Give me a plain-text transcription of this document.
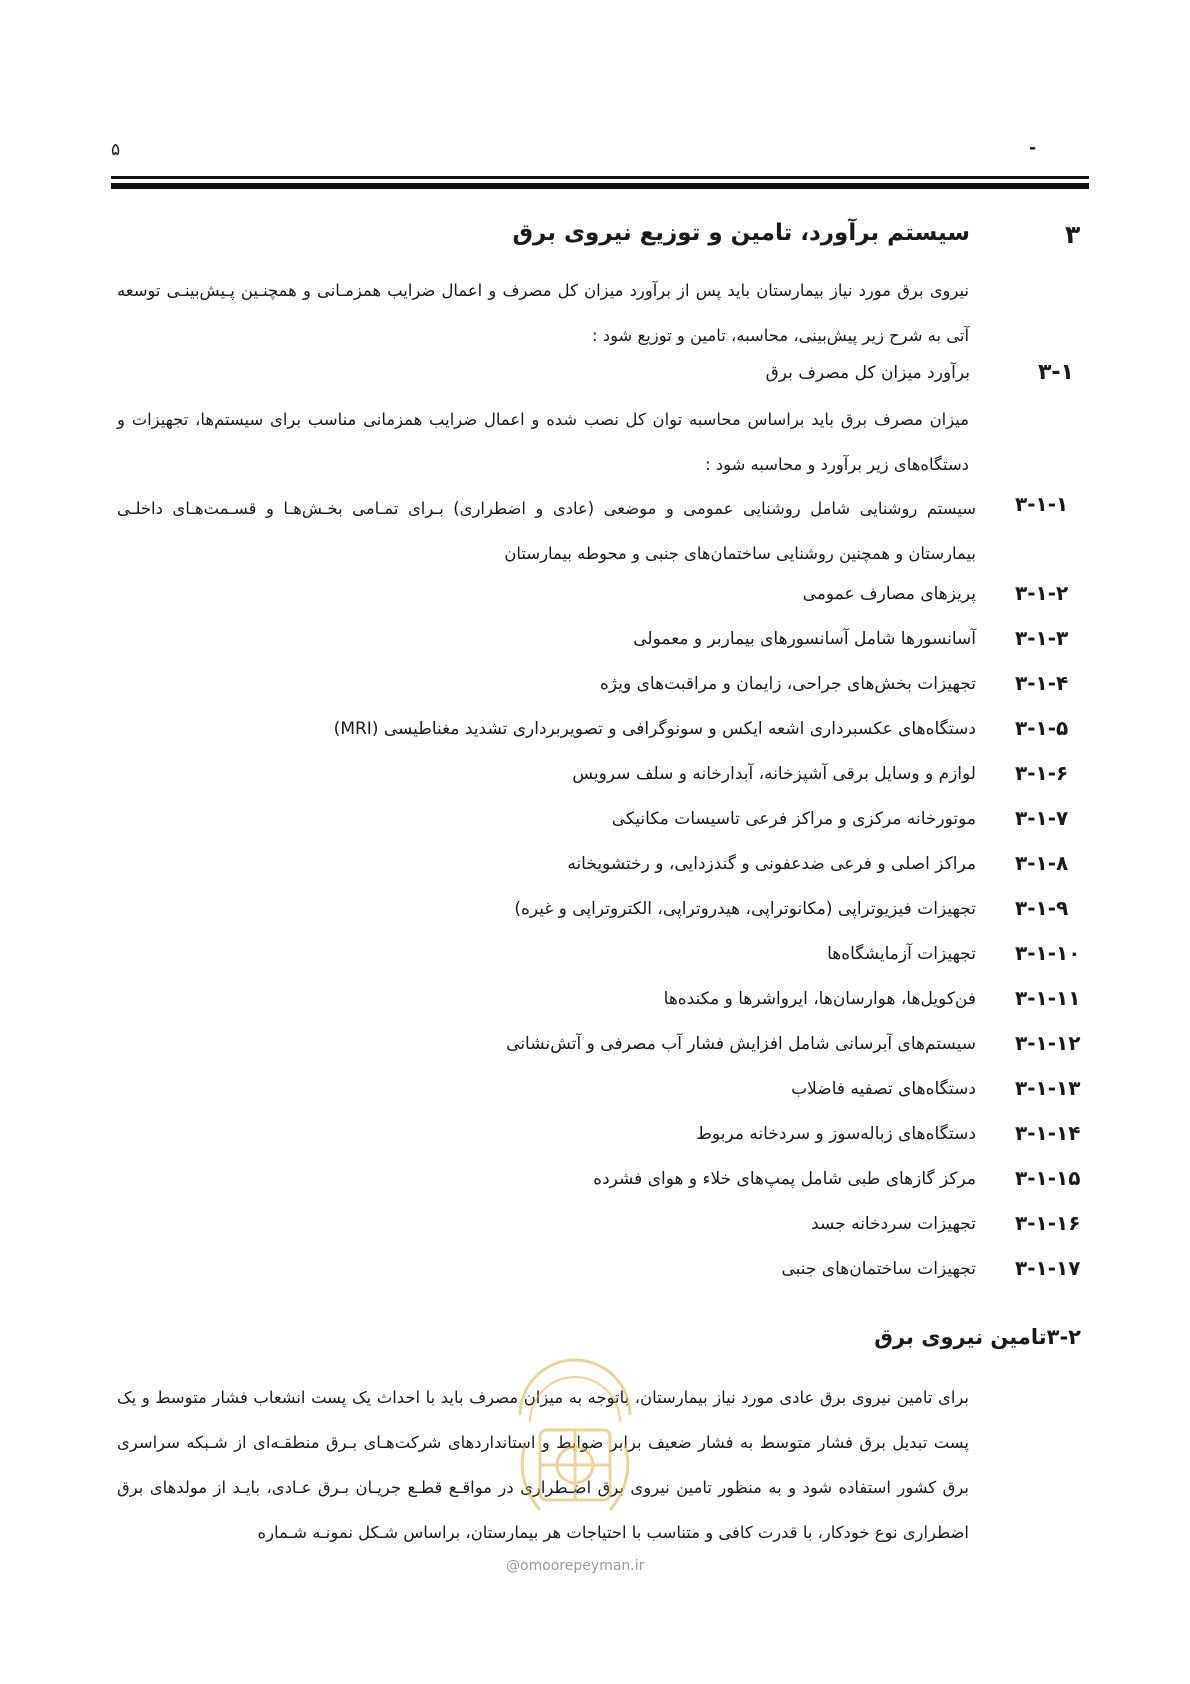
۵	-
۳
سیستم برآورد، تامین و توزیع نیروی برق
نیروی برق مورد نیاز بیمارستان باید پس از برآورد میزان کل مصرف و اعمال ضرایب همزمـانی و همچنـین پـیش‌بینـی توسعه آتی به شرح زیر پیش‌بینی، محاسبه، تامین و توزیع شود :
۳-۱
برآورد میزان کل مصرف برق
میزان مصرف برق باید براساس محاسبه توان کل نصب شده و اعمال ضرایب همزمانی مناسب برای سیستم‌ها، تجهیزات و دستگاه‌های زیر برآورد و محاسبه شود :
۳-۱-۱
سیستم روشنایی شامل روشنایی عمومی و موضعی (عادی و اضطراری) بـرای تمـامی بخـش‌هـا و قسـمت‌هـای داخلـی بیمارستان و همچنین روشنایی ساختمان‌های جنبی و محوطه بیمارستان
۳-۱-۲
پریزهای مصارف عمومی
۳-۱-۳
آسانسورها شامل آسانسورهای بیماربر و معمولی
۳-۱-۴
تجهیزات بخش‌های جراحی، زایمان و مراقبت‌های ویژه
۳-۱-۵
دستگاه‌های عکسبرداری اشعه ایکس و سونوگرافی و تصویربرداری تشدید مغناطیسی (MRI)
۳-۱-۶
لوازم و وسایل برقی آشپزخانه، آبدارخانه و سلف سرویس
۳-۱-۷
موتورخانه مرکزی و مراکز فرعی تاسیسات مکانیکی
۳-۱-۸
مراکز اصلی و فرعی ضدعفونی و گندزدایی، و رختشویخانه
۳-۱-۹
تجهیزات فیزیوتراپی (مکانوتراپی، هیدروتراپی، الکتروتراپی و غیره)
۳-۱-۱۰
تجهیزات آزمایشگاه‌ها
۳-۱-۱۱
فن‌کویل‌ها، هوارسان‌ها، ایرواشرها و مکنده‌ها
۳-۱-۱۲
سیستم‌های آبرسانی شامل افزایش فشار آب مصرفی و آتش‌نشانی
۳-۱-۱۳
دستگاه‌های تصفیه فاضلاب
۳-۱-۱۴
دستگاه‌های زباله‌سوز و سردخانه مربوط
۳-۱-۱۵
مرکز گازهای طبی شامل پمپ‌های خلاء و هوای فشرده
۳-۱-۱۶
تجهیزات سردخانه جسد
۳-۱-۱۷
تجهیزات ساختمان‌های جنبی
۳-۲تامین نیروی برق
برای تامین نیروی برق عادی مورد نیاز بیمارستان، باتوجه به میزان مصرف باید با احداث یک پست انشعاب فشار متوسط و یک پست تبدیل برق فشار متوسط به فشار ضعیف برابر ضوابط و استانداردهای شرکت‌هـای بـرق منطقـه‌ای از شـبکه سراسری برق کشور استفاده شود و به منظور تامین نیروی برق اضـطراری در مواقـع قطـع جریـان بـرق عـادی، بایـد از مولدهای برق اضطراری نوع خودکار، با قدرت کافی و متناسب با احتیاجات هر بیمارستان، براساس شـکل نمونـه شـماره
@omoorepeyman.ir
